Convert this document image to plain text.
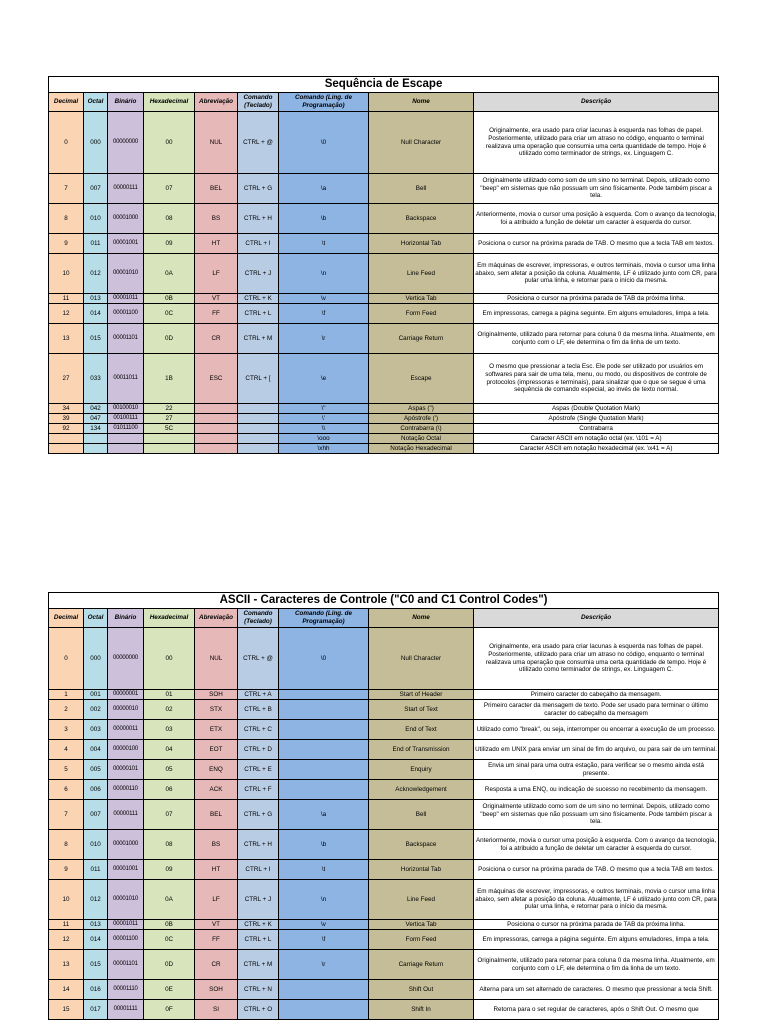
Sequência de Escape								
Decimal	Octal	Binário	Hexadecimal	Abreviação	Comando (Teclado)	Comando (Ling. de Programação)	Nome	Descrição
0	000	00000000	00	NUL	CTRL + @	\0	Null Character	Originalmente, era usado para criar lacunas à esquerda nas folhas de papel. Posteriormente, utilizado para criar um atraso no código, enquanto o terminal realizava uma operação que consumia uma certa quantidade de tempo. Hoje é utilizado como terminador de strings, ex. Linguagem C.
7	007	00000111	07	BEL	CTRL + G	\a	Bell	Originalmente utilizado como som de um sino no terminal. Depois, utilizado como "beep" em sistemas que não possuam um sino físicamente. Pode também piscar a tela.
8	010	00001000	08	BS	CTRL + H	\b	Backspace	Anteriormente, movia o cursor uma posição à esquerda. Com o avanço da tecnologia, foi a atribuido a função de deletar um caracter à esquerda do cursor.
9	011	00001001	09	HT	CTRL + I	\t	Horizontal Tab	Posiciona o cursor na próxima parada de TAB. O mesmo que a tecla TAB em textos.
10	012	00001010	0A	LF	CTRL + J	\n	Line Feed	Em máquinas de escrever, impressoras, e outros terminais, movia o cursor uma linha abaixo, sem afetar a posição da coluna. Atualmente, LF é utilizado junto com CR, para pular uma linha, e retornar para o início da mesma.
11	013	00001011	0B	VT	CTRL + K	\v	Vertica Tab	Posiciona o cursor na próxima parada de TAB da próxima linha.
12	014	00001100	0C	FF	CTRL + L	\f	Form Feed	Em impressoras, carrega a página seguinte. Em alguns emuladores, limpa a tela.
13	015	00001101	0D	CR	CTRL + M	\r	Carriage Return	Originalmente, utilizado para retornar para coluna 0 da mesma linha. Atualmente, em conjunto com o LF, ele determina o fim da linha de um texto.
27	033	00011011	1B	ESC	CTRL + [	\e	Escape	O mesmo que pressionar a tecla Esc. Ele pode ser utilizado por usuários em softwares para sair de uma tela, menu, ou modo, ou dispositivos de controle de protocolos (impressoras e terminais), para sinalizar que o que se segue é uma sequência de comando especial, ao invés de texto normal.
34	042	00100010	22			\"	Aspas (")	Aspas (Double Quotation Mark)
39	047	00100111	27			\'	Apóstrofe (')	Apóstrofe (Single Quotation Mark)
92	134	01011100	5C			\\	Contrabarra (\)	Contrabarra
						\ooo	Notação Octal	Caracter ASCII em notação octal (ex. \101 = A)
						\xhh	Notação Hexadecimal	Caracter ASCII em notação hexadecimal (ex. \x41 = A)
ASCII - Caracteres de Controle ("C0 and C1 Control Codes")								
Decimal	Octal	Binário	Hexadecimal	Abreviação	Comando (Teclado)	Comando (Ling. de Programação)	Nome	Descrição
0	000	00000000	00	NUL	CTRL + @	\0	Null Character	Originalmente, era usado para criar lacunas à esquerda nas folhas de papel. Posteriormente, utilizado para criar um atraso no código, enquanto o terminal realizava uma operação que consumia uma certa quantidade de tempo. Hoje é utilizado como terminador de strings, ex. Linguagem C.
1	001	00000001	01	SOH	CTRL + A		Start of Header	Primeiro caracter do cabeçalho da mensagem.
2	002	00000010	02	STX	CTRL + B		Start of Text	Primeiro caracter da mensagem de texto. Pode ser usado para terminar o último caracter do cabeçalho da mensagem
3	003	00000011	03	ETX	CTRL + C		End of Text	Utilizado como "break", ou seja, interromper ou encerrar a execução de um processo.
4	004	00000100	04	EOT	CTRL + D		End of Transmission	Utilizado em UNIX para enviar um sinal de fim do arquivo, ou para sair de um terminal.
5	005	00000101	05	ENQ	CTRL + E		Enquiry	Envia um sinal para uma outra estação, para verificar se o mesmo ainda está presente.
6	006	00000110	06	ACK	CTRL + F		Acknowledgement	Resposta a uma ENQ, ou indicação de sucesso no recebimento da mensagem.
7	007	00000111	07	BEL	CTRL + G	\a	Bell	Originalmente utilizado como som de um sino no terminal. Depois, utilizado como "beep" em sistemas que não possuam um sino físicamente. Pode também piscar a tela.
8	010	00001000	08	BS	CTRL + H	\b	Backspace	Anteriormente, movia o cursor uma posição à esquerda. Com o avanço da tecnologia, foi a atribuido a função de deletar um caracter à esquerda do cursor.
9	011	00001001	09	HT	CTRL + I	\t	Horizontal Tab	Posiciona o cursor na próxima parada de TAB. O mesmo que a tecla TAB em textos.
10	012	00001010	0A	LF	CTRL + J	\n	Line Feed	Em máquinas de escrever, impressoras, e outros terminais, movia o cursor uma linha abaixo, sem afetar a posição da coluna. Atualmente, LF é utilizado junto com CR, para pular uma linha, e retornar para o início da mesma.
11	013	00001011	0B	VT	CTRL + K	\v	Vertica Tab	Posiciona o cursor na próxima parada de TAB da próxima linha.
12	014	00001100	0C	FF	CTRL + L	\f	Form Feed	Em impressoras, carrega a página seguinte. Em alguns emuladores, limpa a tela.
13	015	00001101	0D	CR	CTRL + M	\r	Carriage Return	Originalmente, utilizado para retornar para coluna 0 da mesma linha. Atualmente, em conjunto com o LF, ele determina o fim da linha de um texto.
14	016	00001110	0E	SOH	CTRL + N		Shift Out	Alterna para um set alternado de caracteres. O mesmo que pressionar a tecla Shift.
15	017	00001111	0F	SI	CTRL + O		Shift In	Retorna para o set regular de caracteres, após o Shift Out. O mesmo que
